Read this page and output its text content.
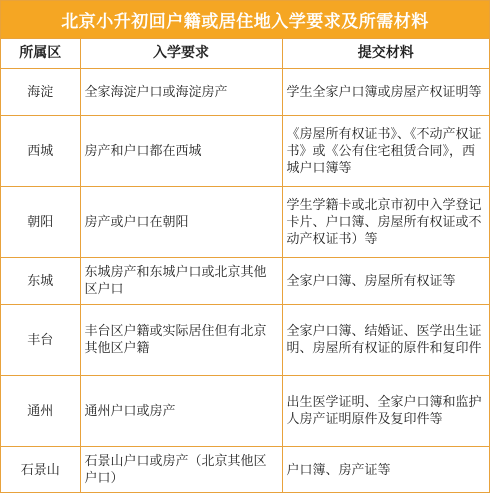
北京小升初回户籍或居住地入学要求及所需材料
所属区	入学要求	提交材料
海淀	全家海淀户口或海淀房产	学生全家户口簿或房屋产权证明等
西城	房产和户口都在西城	《房屋所有权证书》、《不动产权证书》或《公有住宅租赁合同》，西城户口簿等
朝阳	房产或户口在朝阳	学生学籍卡或北京市初中入学登记卡片、户口簿、房屋所有权证或不动产权证书）等
东城	东城房产和东城户口或北京其他区户口	全家户口簿、房屋所有权证等
丰台	丰台区户籍或实际居住但有北京其他区户籍	全家户口簿、结婚证、医学出生证明、房屋所有权证的原件和复印件
通州	通州户口或房产	出生医学证明、全家户口簿和监护人房产证明原件及复印件等
石景山	石景山户口或房产（北京其他区户口）	户口簿、房产证等
